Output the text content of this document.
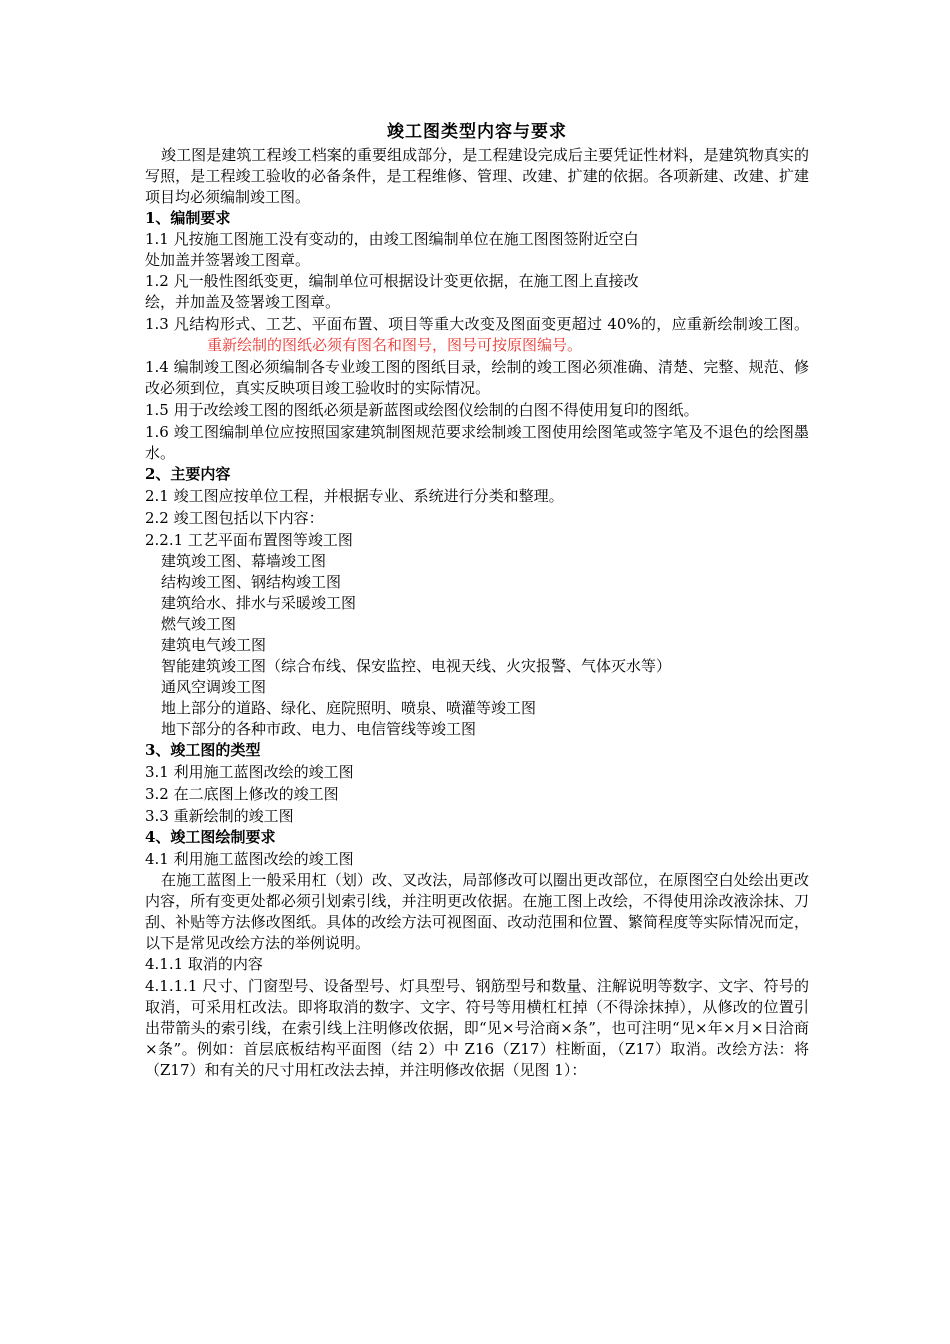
竣工图类型内容与要求
竣工图是建筑工程竣工档案的重要组成部分，是工程建设完成后主要凭证性材料，是建筑物真实的写照，是工程竣工验收的必备条件，是工程维修、管理、改建、扩建的依据。各项新建、改建、扩建项目均必须编制竣工图。
1、编制要求
1.1 凡按施工图施工没有变动的，由竣工图编制单位在施工图图签附近空白
处加盖并签署竣工图章。
1.2 凡一般性图纸变更，编制单位可根据设计变更依据，在施工图上直接改
绘，并加盖及签署竣工图章。
1.3 凡结构形式、工艺、平面布置、项目等重大改变及图面变更超过 40%的，应重新绘制竣工图。重新绘制的图纸必须有图名和图号，图号可按原图编号。
1.4 编制竣工图必须编制各专业竣工图的图纸目录，绘制的竣工图必须准确、清楚、完整、规范、修改必须到位，真实反映项目竣工验收时的实际情况。
1.5 用于改绘竣工图的图纸必须是新蓝图或绘图仪绘制的白图不得使用复印的图纸。
1.6 竣工图编制单位应按照国家建筑制图规范要求绘制竣工图使用绘图笔或签字笔及不退色的绘图墨水。
2、主要内容
2.1 竣工图应按单位工程，并根据专业、系统进行分类和整理。
2.2 竣工图包括以下内容：
2.2.1 工艺平面布置图等竣工图
建筑竣工图、幕墙竣工图
结构竣工图、钢结构竣工图
建筑给水、排水与采暖竣工图
燃气竣工图
建筑电气竣工图
智能建筑竣工图（综合布线、保安监控、电视天线、火灾报警、气体灭水等）
通风空调竣工图
地上部分的道路、绿化、庭院照明、喷泉、喷灌等竣工图
地下部分的各种市政、电力、电信管线等竣工图
3、竣工图的类型
3.1 利用施工蓝图改绘的竣工图
3.2 在二底图上修改的竣工图
3.3 重新绘制的竣工图
4、竣工图绘制要求
4.1 利用施工蓝图改绘的竣工图
在施工蓝图上一般采用杠（划）改、叉改法，局部修改可以圈出更改部位，在原图空白处绘出更改内容，所有变更处都必须引划索引线，并注明更改依据。在施工图上改绘，不得使用涂改液涂抹、刀刮、补贴等方法修改图纸。具体的改绘方法可视图面、改动范围和位置、繁简程度等实际情况而定，以下是常见改绘方法的举例说明。
4.1.1 取消的内容
4.1.1.1 尺寸、门窗型号、设备型号、灯具型号、钢筋型号和数量、注解说明等数字、文字、符号的取消，可采用杠改法。即将取消的数字、文字、符号等用横杠杠掉（不得涂抹掉），从修改的位置引出带箭头的索引线，在索引线上注明修改依据，即“见×号洽商×条”，也可注明“见×年×月×日洽商×条”。例如：首层底板结构平面图（结 2）中 Z16（Z17）柱断面，（Z17）取消。改绘方法：将（Z17）和有关的尺寸用杠改法去掉，并注明修改依据（见图 1）：
